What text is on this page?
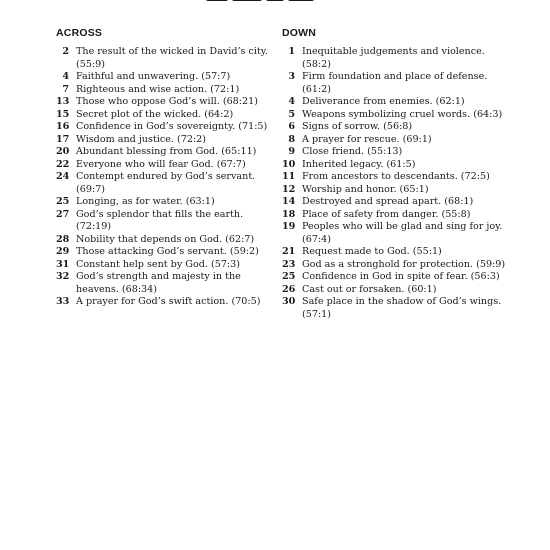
ACROSS
2 The result of the wicked in David’s city. (55:9)
4 Faithful and unwavering. (57:7)
7 Righteous and wise action. (72:1)
13 Those who oppose God’s will. (68:21)
15 Secret plot of the wicked. (64:2)
16 Confidence in God’s sovereignty. (71:5)
17 Wisdom and justice. (72:2)
20 Abundant blessing from God. (65:11)
22 Everyone who will fear God. (67:7)
24 Contempt endured by God’s servant. (69:7)
25 Longing, as for water. (63:1)
27 God’s splendor that fills the earth. (72:19)
28 Nobility that depends on God. (62:7)
29 Those attacking God’s servant. (59:2)
31 Constant help sent by God. (57:3)
32 God’s strength and majesty in the heavens. (68:34)
33 A prayer for God’s swift action. (70:5)
DOWN
1 Inequitable judgements and violence. (58:2)
3 Firm foundation and place of defense. (61:2)
4 Deliverance from enemies. (62:1)
5 Weapons symbolizing cruel words. (64:3)
6 Signs of sorrow. (56:8)
8 A prayer for rescue. (69:1)
9 Close friend. (55:13)
10 Inherited legacy. (61:5)
11 From ancestors to descendants. (72:5)
12 Worship and honor. (65:1)
14 Destroyed and spread apart. (68:1)
18 Place of safety from danger. (55:8)
19 Peoples who will be glad and sing for joy. (67:4)
21 Request made to God. (55:1)
23 God as a stronghold for protection. (59:9)
25 Confidence in God in spite of fear. (56:3)
26 Cast out or forsaken. (60:1)
30 Safe place in the shadow of God’s wings. (57:1)
